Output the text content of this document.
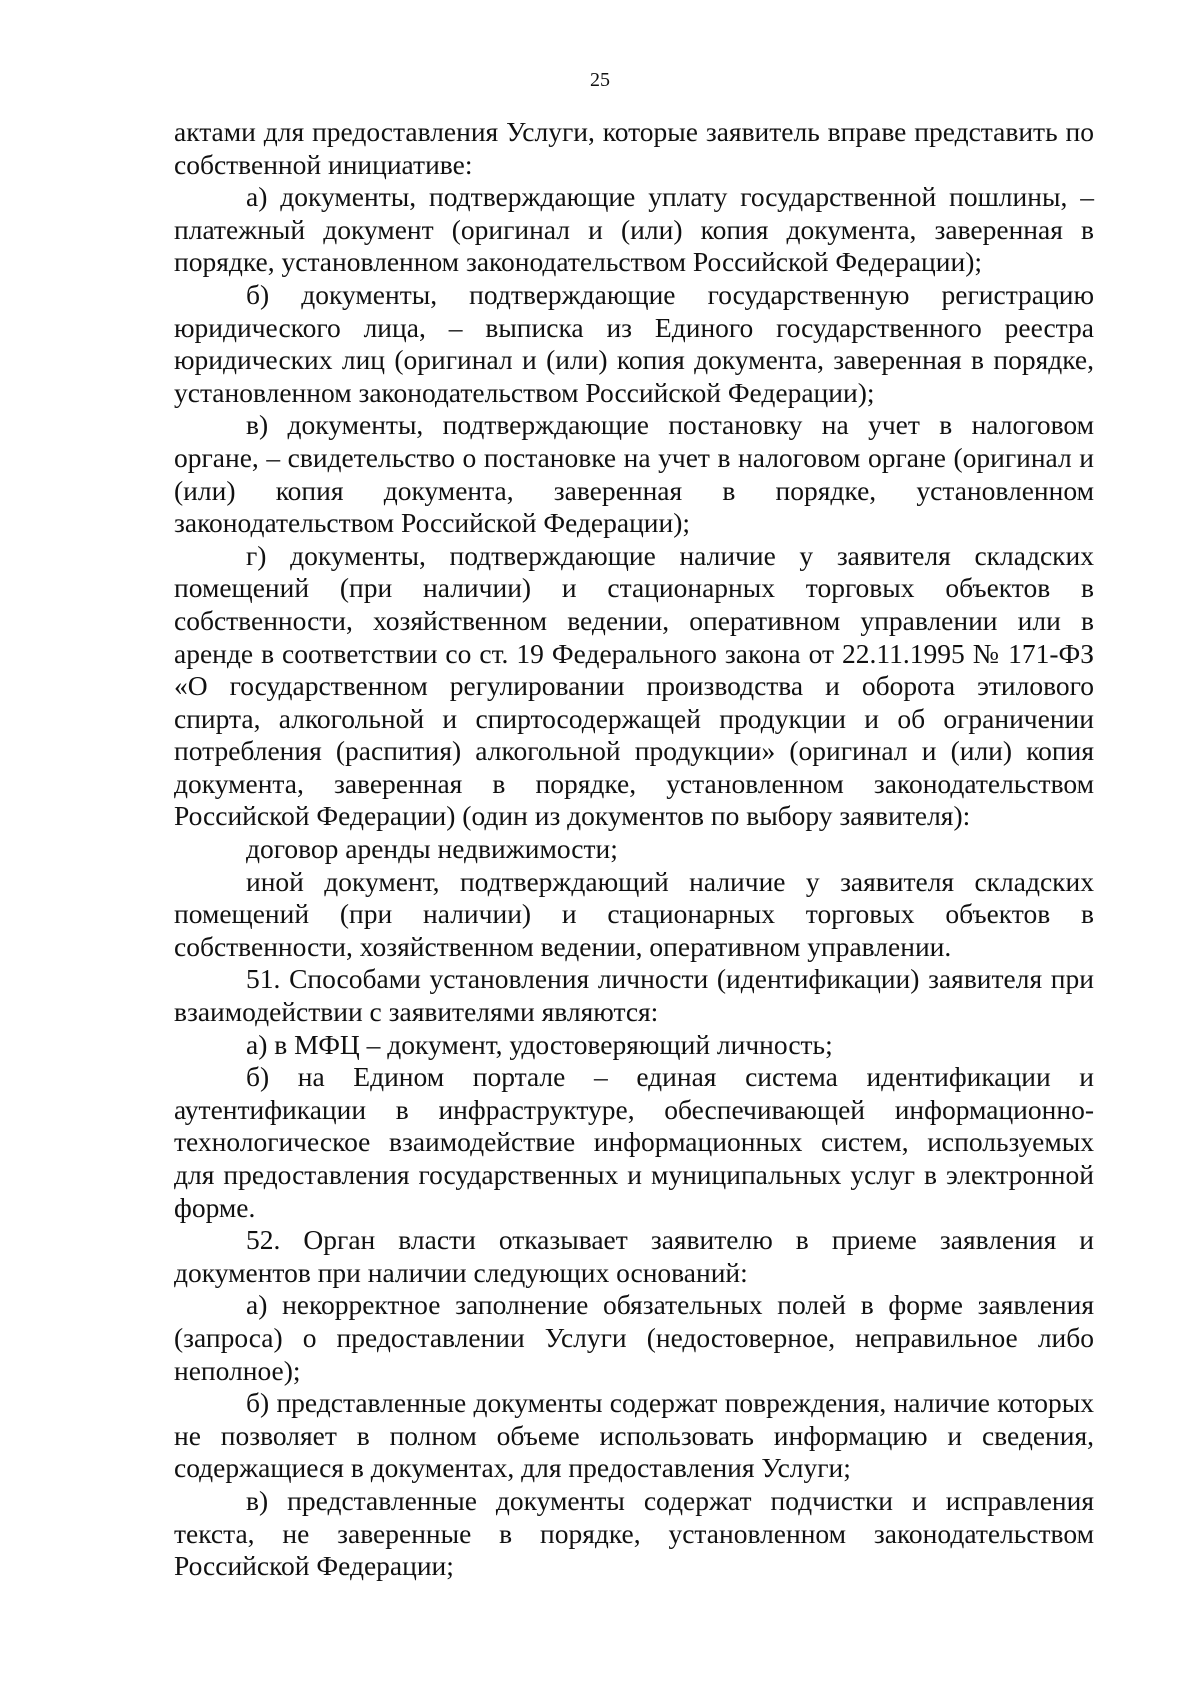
25

актами для предоставления Услуги, которые заявитель вправе представить по собственной инициативе:

а) документы, подтверждающие уплату государственной пошлины, – платежный документ (оригинал и (или) копия документа, заверенная в порядке, установленном законодательством Российской Федерации);

б) документы, подтверждающие государственную регистрацию юридического лица, – выписка из Единого государственного реестра юридических лиц (оригинал и (или) копия документа, заверенная в порядке, установленном законодательством Российской Федерации);

в) документы, подтверждающие постановку на учет в налоговом органе, – свидетельство о постановке на учет в налоговом органе (оригинал и (или) копия документа, заверенная в порядке, установленном законодательством Российской Федерации);

г) документы, подтверждающие наличие у заявителя складских помещений (при наличии) и стационарных торговых объектов в собственности, хозяйственном ведении, оперативном управлении или в аренде в соответствии со ст. 19 Федерального закона от 22.11.1995 № 171-ФЗ «О государственном регулировании производства и оборота этилового спирта, алкогольной и спиртосодержащей продукции и об ограничении потребления (распития) алкогольной продукции» (оригинал и (или) копия документа, заверенная в порядке, установленном законодательством Российской Федерации) (один из документов по выбору заявителя):

договор аренды недвижимости;

иной документ, подтверждающий наличие у заявителя складских помещений (при наличии) и стационарных торговых объектов в собственности, хозяйственном ведении, оперативном управлении.

51. Способами установления личности (идентификации) заявителя при взаимодействии с заявителями являются:

а) в МФЦ – документ, удостоверяющий личность;

б) на Едином портале – единая система идентификации и аутентификации в инфраструктуре, обеспечивающей информационно-технологическое взаимодействие информационных систем, используемых для предоставления государственных и муниципальных услуг в электронной форме.

52. Орган власти отказывает заявителю в приеме заявления и документов при наличии следующих оснований:

а) некорректное заполнение обязательных полей в форме заявления (запроса) о предоставлении Услуги (недостоверное, неправильное либо неполное);

б) представленные документы содержат повреждения, наличие которых не позволяет в полном объеме использовать информацию и сведения, содержащиеся в документах, для предоставления Услуги;

в) представленные документы содержат подчистки и исправления текста, не заверенные в порядке, установленном законодательством Российской Федерации;
